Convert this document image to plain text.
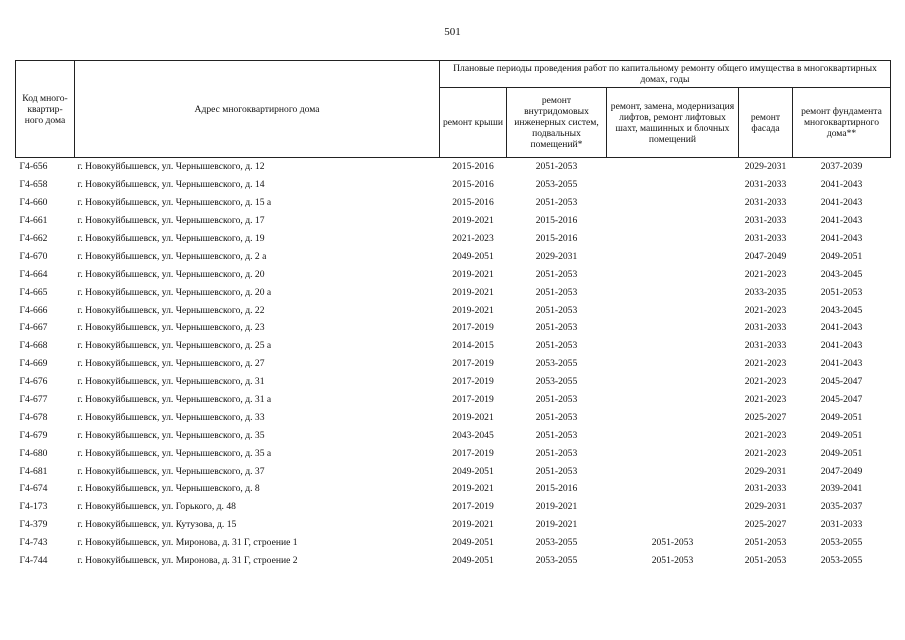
501
Код много-
квартир-
ного дома	Адрес многоквартирного дома	Плановые периоды проведения работ по капитальному ремонту общего имущества в многоквартирных домах, годы				
		ремонт крыши	ремонт внутридомовых инженерных систем, подвальных помещений*	ремонт, замена, модернизация лифтов, ремонт лифтовых шахт, машинных и блочных помещений	ремонт фасада	ремонт фундамента многоквартирного дома**
Г4-656	г. Новокуйбышевск, ул. Чернышевского, д. 12	2015-2016	2051-2053		2029-2031	2037-2039
Г4-658	г. Новокуйбышевск, ул. Чернышевского, д. 14	2015-2016	2053-2055		2031-2033	2041-2043
Г4-660	г. Новокуйбышевск, ул. Чернышевского, д. 15 а	2015-2016	2051-2053		2031-2033	2041-2043
Г4-661	г. Новокуйбышевск, ул. Чернышевского, д. 17	2019-2021	2015-2016		2031-2033	2041-2043
Г4-662	г. Новокуйбышевск, ул. Чернышевского, д. 19	2021-2023	2015-2016		2031-2033	2041-2043
Г4-670	г. Новокуйбышевск, ул. Чернышевского, д. 2 а	2049-2051	2029-2031		2047-2049	2049-2051
Г4-664	г. Новокуйбышевск, ул. Чернышевского, д. 20	2019-2021	2051-2053		2021-2023	2043-2045
Г4-665	г. Новокуйбышевск, ул. Чернышевского, д. 20 а	2019-2021	2051-2053		2033-2035	2051-2053
Г4-666	г. Новокуйбышевск, ул. Чернышевского, д. 22	2019-2021	2051-2053		2021-2023	2043-2045
Г4-667	г. Новокуйбышевск, ул. Чернышевского, д. 23	2017-2019	2051-2053		2031-2033	2041-2043
Г4-668	г. Новокуйбышевск, ул. Чернышевского, д. 25 а	2014-2015	2051-2053		2031-2033	2041-2043
Г4-669	г. Новокуйбышевск, ул. Чернышевского, д. 27	2017-2019	2053-2055		2021-2023	2041-2043
Г4-676	г. Новокуйбышевск, ул. Чернышевского, д. 31	2017-2019	2053-2055		2021-2023	2045-2047
Г4-677	г. Новокуйбышевск, ул. Чернышевского, д. 31 а	2017-2019	2051-2053		2021-2023	2045-2047
Г4-678	г. Новокуйбышевск, ул. Чернышевского, д. 33	2019-2021	2051-2053		2025-2027	2049-2051
Г4-679	г. Новокуйбышевск, ул. Чернышевского, д. 35	2043-2045	2051-2053		2021-2023	2049-2051
Г4-680	г. Новокуйбышевск, ул. Чернышевского, д. 35 а	2017-2019	2051-2053		2021-2023	2049-2051
Г4-681	г. Новокуйбышевск, ул. Чернышевского, д. 37	2049-2051	2051-2053		2029-2031	2047-2049
Г4-674	г. Новокуйбышевск, ул. Чернышевского, д. 8	2019-2021	2015-2016		2031-2033	2039-2041
Г4-173	г. Новокуйбышевск, ул. Горького, д. 48	2017-2019	2019-2021		2029-2031	2035-2037
Г4-379	г. Новокуйбышевск, ул. Кутузова, д. 15	2019-2021	2019-2021		2025-2027	2031-2033
Г4-743	г. Новокуйбышевск, ул. Миронова, д. 31 Г, строение 1	2049-2051	2053-2055	2051-2053	2051-2053	2053-2055
Г4-744	г. Новокуйбышевск, ул. Миронова, д. 31 Г, строение 2	2049-2051	2053-2055	2051-2053	2051-2053	2053-2055
